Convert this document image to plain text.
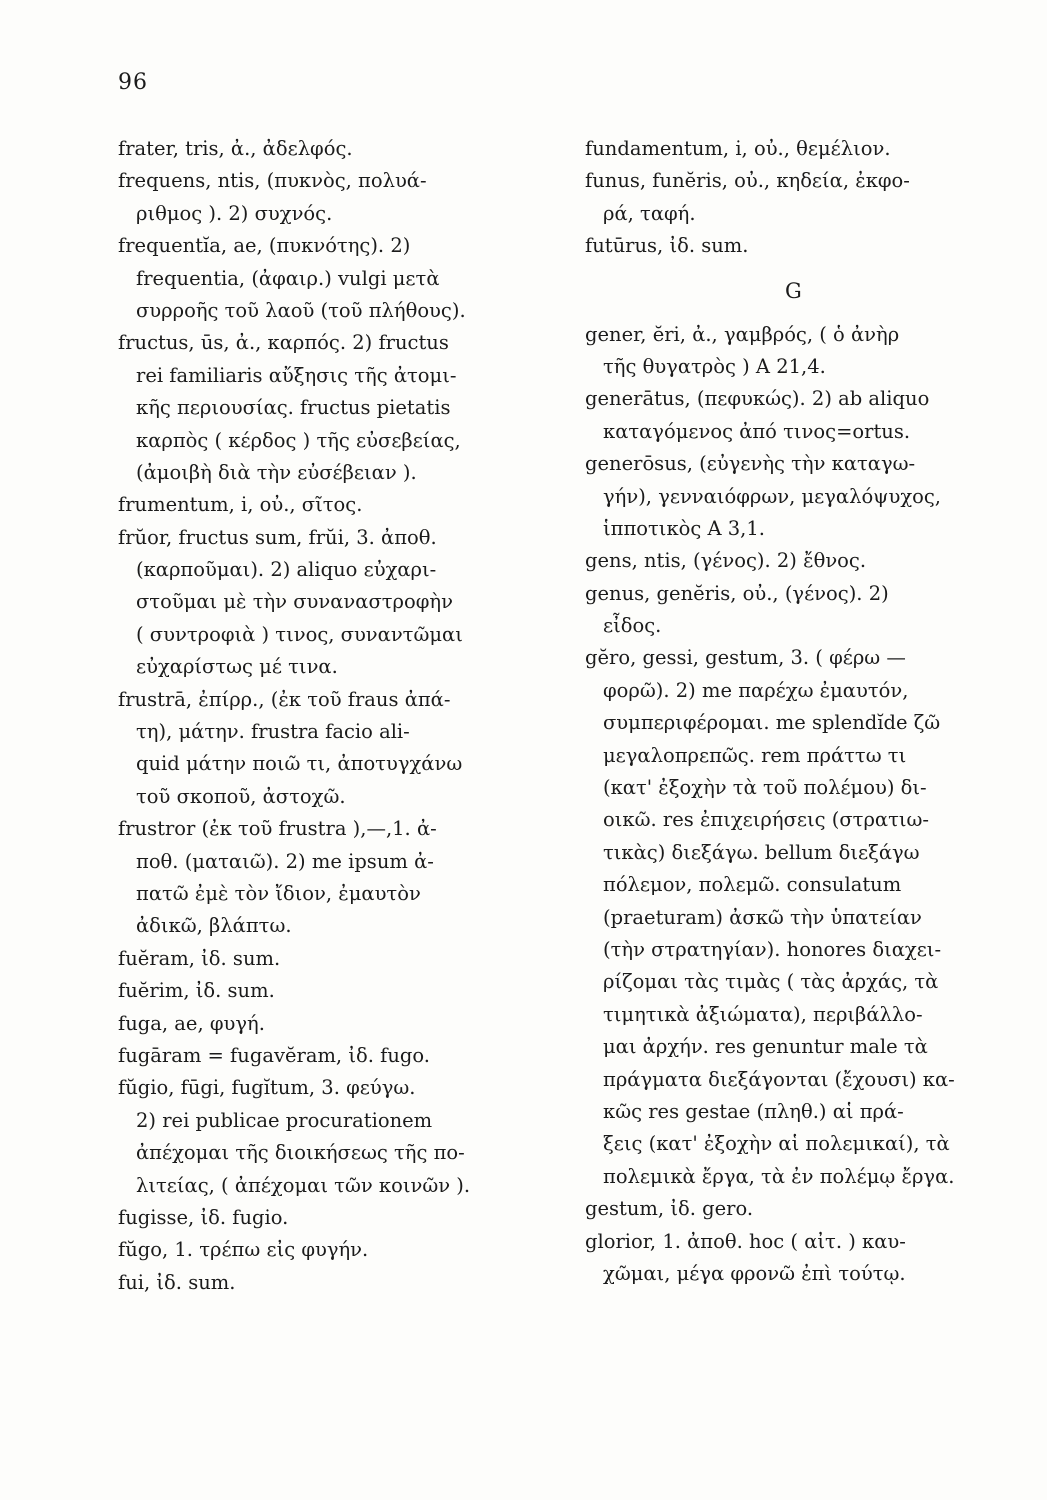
96
frater, tris, ἀ., ἀδελφός.
frequens, ntis, (πυκνὸς, πολυά-
ριθμος ). 2) συχνός.
frequentĭa, ae, (πυκνότης). 2)
frequentia, (ἀφαιρ.) vulgi μετὰ
συρροῆς τοῦ λαοῦ (τοῦ πλήθους).
fructus, ūs, ἀ., καρπός. 2) fructus
rei familiaris αὔξησις τῆς ἀτομι-
κῆς περιουσίας. fructus pietatis
καρπὸς ( κέρδος ) τῆς εὐσεβείας,
(ἀμοιβὴ διὰ τὴν εὐσέβειαν ).
frumentum, i, οὐ., σῖτος.
frŭor, fructus sum, frŭi, 3. ἀποθ.
(καρποῦμαι). 2) aliquo εὐχαρι-
στοῦμαι μὲ τὴν συναναστροφὴν
( συντροφιὰ ) τινος, συναντῶμαι
εὐχαρίστως μέ τινα.
frustrā, ἐπίρρ., (ἐκ τοῦ fraus ἀπά-
τη), μάτην. frustra facio ali-
quid μάτην ποιῶ τι, ἀποτυγχάνω
τοῦ σκοποῦ, ἀστοχῶ.
frustror (ἐκ τοῦ frustra ),—,1. ἀ-
ποθ. (ματαιῶ). 2) me ipsum ἀ-
πατῶ ἐμὲ τὸν ἴδιον, ἐμαυτὸν
ἀδικῶ, βλάπτω.
fuĕram, ἰδ. sum.
fuĕrim, ἰδ. sum.
fuga, ae, φυγή.
fugāram = fugavĕram, ἰδ. fugo.
fŭgio, fūgi, fugĭtum, 3. φεύγω.
2) rei publicae procurationem
ἀπέχομαι τῆς διοικήσεως τῆς πο-
λιτείας, ( ἀπέχομαι τῶν κοινῶν ).
fugisse, ἰδ. fugio.
fŭgo, 1. τρέπω εἰς φυγήν.
fui, ἰδ. sum.
fundamentum, i, οὐ., θεμέλιον.
funus, funĕris, οὐ., κηδεία, ἐκφο-
ρά, ταφή.
futūrus, ἰδ. sum.
G
gener, ĕri, ἀ., γαμβρός, ( ὁ ἀνὴρ
τῆς θυγατρὸς ) A 21,4.
generātus, (πεφυκώς). 2) ab aliquo
καταγόμενος ἀπό τινος=ortus.
generōsus, (εὐγενὴς τὴν καταγω-
γήν), γενναιόφρων, μεγαλόψυχος,
ἱπποτικὸς A 3,1.
gens, ntis, (γένος). 2) ἔθνος.
genus, genĕris, οὐ., (γένος). 2)
εἶδος.
gĕro, gessi, gestum, 3. ( φέρω —
φορῶ). 2) me παρέχω ἐμαυτόν,
συμπεριφέρομαι. me splendĭde ζῶ
μεγαλοπρεπῶς. rem πράττω τι
(κατ' ἐξοχὴν τὰ τοῦ πολέμου) δι-
οικῶ. res ἐπιχειρήσεις (στρατιω-
τικὰς) διεξάγω. bellum διεξάγω
πόλεμον, πολεμῶ. consulatum
(praeturam) ἀσκῶ τὴν ὑπατείαν
(τὴν στρατηγίαν). honores διαχει-
ρίζομαι τὰς τιμὰς ( τὰς ἀρχάς, τὰ
τιμητικὰ ἀξιώματα), περιβάλλο-
μαι ἀρχήν. res genuntur male τὰ
πράγματα διεξάγονται (ἔχουσι) κα-
κῶς res gestae (πληθ.) αἱ πρά-
ξεις (κατ' ἐξοχὴν αἱ πολεμικαί), τὰ
πολεμικὰ ἔργα, τὰ ἐν πολέμῳ ἔργα.
gestum, ἰδ. gero.
glorior, 1. ἀποθ. hoc ( αἰτ. ) καυ-
χῶμαι, μέγα φρονῶ ἐπὶ τούτῳ.
